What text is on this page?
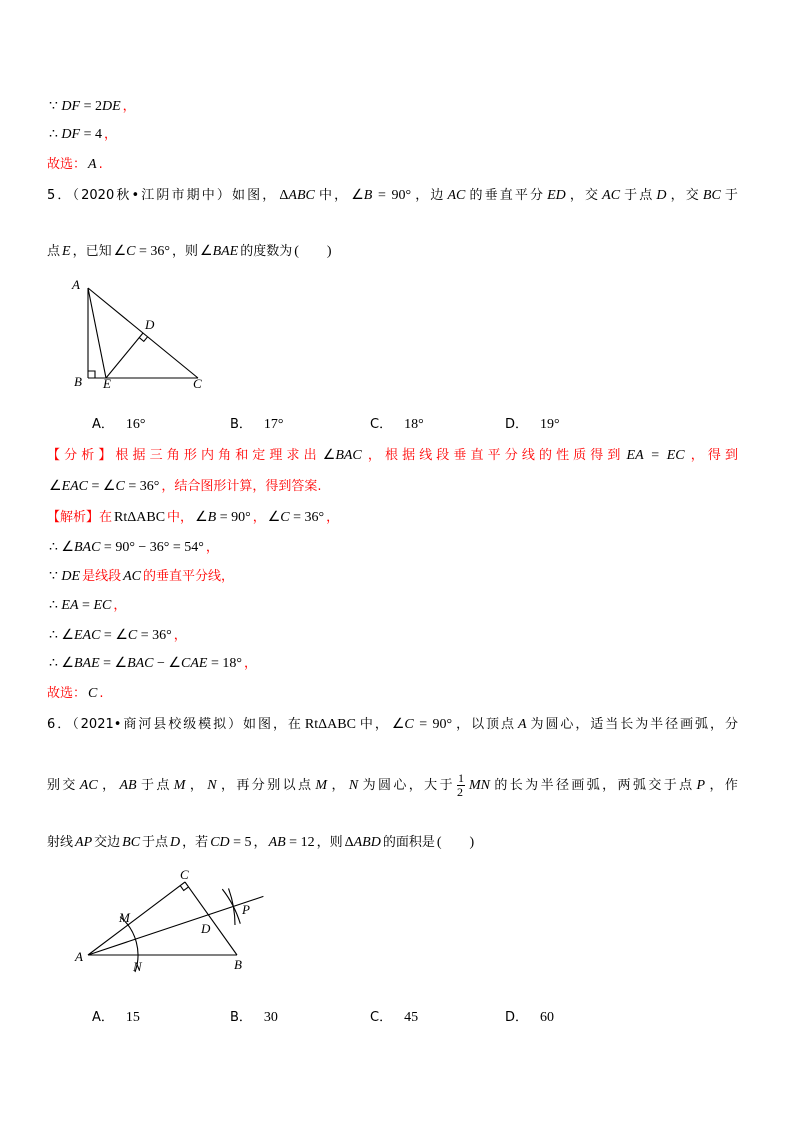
∵ DF = 2DE ，
∴ DF = 4 ，
故选： A .
5．（2020秋•江阴市期中）如图， ΔABC 中， ∠B = 90° ，边 AC 的垂直平分 ED ，交 AC 于点 D ，交 BC 于
点 E ，已知 ∠C = 36° ，则 ∠BAE 的度数为 (　　)
A
D
B E	C
A． 16°	B． 17°	C． 18°	D． 19°
【分析】根据三角形内角和定理求出 ∠BAC ，根据线段垂直平分线的性质得到 EA = EC ，得到
∠EAC = ∠C = 36° ，结合图形计算，得到答案.
【解析】在 RtΔABC 中， ∠B = 90° ， ∠C = 36° ，
∴ ∠BAC = 90° − 36° = 54° ，
∵ DE 是线段 AC 的垂直平分线，
∴ EA = EC ，
∴ ∠EAC = ∠C = 36° ，
∴ ∠BAE = ∠BAC − ∠CAE = 18° ，
故选： C .
6．（2021•商河县校级模拟）如图，在 RtΔABC 中， ∠C = 90° ，以顶点 A 为圆心，适当长为半径画弧，分
别交 AC ， AB 于点 M ， N ，再分别以点 M ， N 为圆心，大于 $\frac{1}{2}$ MN 的长为半径画弧，两弧交于点 P ，作
射线 AP 交边 BC 于点 D ，若 CD = 5 ， AB = 12 ，则 ΔABD 的面积是 (　　)
C
A
B
M
N
D
P
A． 15	B． 30	C． 45	D． 60
